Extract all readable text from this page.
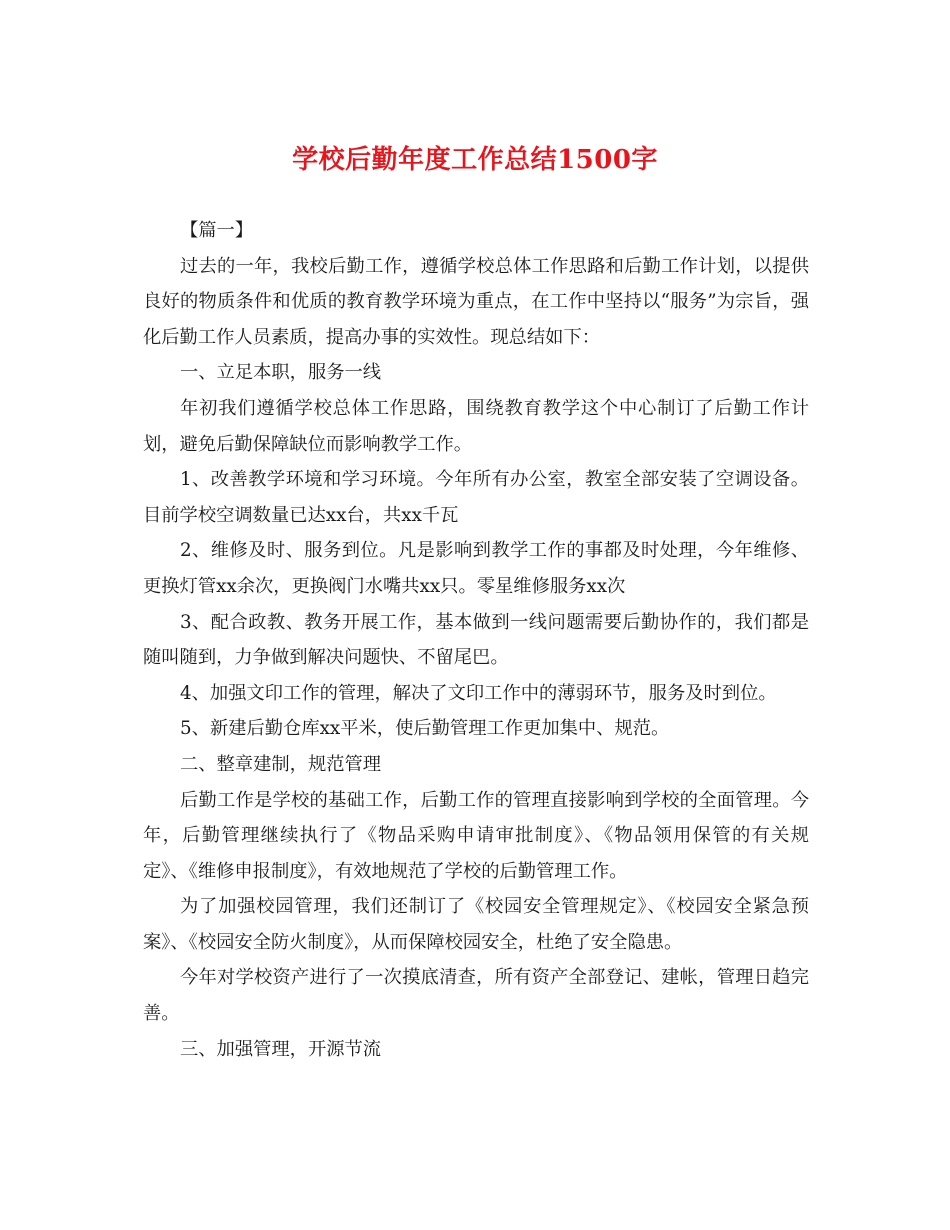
学校后勤年度工作总结1500字

【篇一】

过去的一年，我校后勤工作，遵循学校总体工作思路和后勤工作计划，以提供良好的物质条件和优质的教育教学环境为重点，在工作中坚持以“服务”为宗旨，强化后勤工作人员素质，提高办事的实效性。现总结如下：

一、立足本职，服务一线

年初我们遵循学校总体工作思路，围绕教育教学这个中心制订了后勤工作计划，避免后勤保障缺位而影响教学工作。

1、改善教学环境和学习环境。今年所有办公室，教室全部安装了空调设备。目前学校空调数量已达xx台，共xx千瓦

2、维修及时、服务到位。凡是影响到教学工作的事都及时处理，今年维修、更换灯管xx余次，更换阀门水嘴共xx只。零星维修服务xx次

3、配合政教、教务开展工作，基本做到一线问题需要后勤协作的，我们都是随叫随到，力争做到解决问题快、不留尾巴。

4、加强文印工作的管理，解决了文印工作中的薄弱环节，服务及时到位。

5、新建后勤仓库xx平米，使后勤管理工作更加集中、规范。

二、整章建制，规范管理

后勤工作是学校的基础工作，后勤工作的管理直接影响到学校的全面管理。今年，后勤管理继续执行了《物品采购申请审批制度》、《物品领用保管的有关规定》、《维修申报制度》，有效地规范了学校的后勤管理工作。

为了加强校园管理，我们还制订了《校园安全管理规定》、《校园安全紧急预案》、《校园安全防火制度》，从而保障校园安全，杜绝了安全隐患。

今年对学校资产进行了一次摸底清查，所有资产全部登记、建帐，管理日趋完善。

三、加强管理，开源节流
